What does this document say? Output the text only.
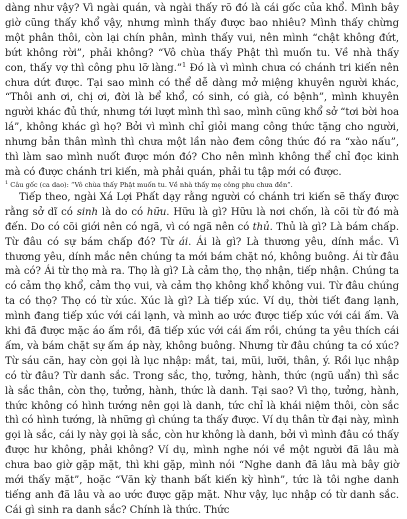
dàng như vậy? Vì ngài quán, và ngài thấy rõ đó là cái gốc của khổ. Mình bây giờ cũng thấy khổ vậy, nhưng mình thấy được bao nhiêu? Mình thấy chừng một phân thôi, còn lại chín phân, mình thấy vui, nên mình “chật không đứt, bứt không rời”, phải không? “Vô chùa thấy Phật thì muốn tu. Về nhà thấy con, thấy vợ thì công phu lỡ làng.”$^1$ Đó là vì mình chưa có chánh tri kiến nên chưa dứt được. Tại sao mình có thể dễ dàng mở miệng khuyên người khác, “Thôi anh ơi, chị ơi, đời là bể khổ, có sinh, có già, có bệnh”, mình khuyên người khác đủ thứ, nhưng tới lượt mình thì sao, mình cũng khổ sở “tơi bời hoa lá”, không khác gì họ? Bởi vì mình chỉ giỏi mang công thức tặng cho người, nhưng bản thân mình thì chưa một lần nào đem công thức đó ra “xào nấu”, thì làm sao mình nuốt được món đó? Cho nên mình không thể chỉ đọc kinh mà có được chánh tri kiến, mà phải quán, phải tu tập mới có được.

$^1$ Câu gốc (ca dao): “Vô chùa thấy Phật muốn tu. Về nhà thấy mẹ công phu chưa đền”.

Tiếp theo, ngài Xá Lợi Phất dạy rằng người có chánh tri kiến sẽ thấy được rằng sở dĩ có sinh là do có hữu. Hữu là gì? Hữu là nơi chốn, là cõi từ đó mà đến. Do có cõi giới nên có ngã, vì có ngã nên có thủ. Thủ là gì? Là bám chấp. Từ đâu có sự bám chấp đó? Từ ái. Ái là gì? Là thương yêu, dính mắc. Vì thương yêu, dính mắc nên chúng ta mới bám chặt nó, không buông. Ái từ đâu mà có? Ái từ thọ mà ra. Thọ là gì? Là cảm thọ, thọ nhận, tiếp nhận. Chúng ta có cảm thọ khổ, cảm thọ vui, và cảm thọ không khổ không vui. Từ đâu chúng ta có thọ? Thọ có từ xúc. Xúc là gì? Là tiếp xúc. Ví dụ, thời tiết đang lạnh, mình đang tiếp xúc với cái lạnh, và mình ao ước được tiếp xúc với cái ấm. Và khi đã được mặc áo ấm rồi, đã tiếp xúc với cái ấm rồi, chúng ta yêu thích cái ấm, và bám chặt sự ấm áp này, không buông. Nhưng từ đâu chúng ta có xúc? Từ sáu căn, hay còn gọi là lục nhập: mắt, tai, mũi, lưỡi, thân, ý. Rồi lục nhập có từ đâu? Từ danh sắc. Trong sắc, thọ, tưởng, hành, thức (ngũ uẩn) thì sắc là sắc thân, còn thọ, tưởng, hành, thức là danh. Tại sao? Vì thọ, tưởng, hành, thức không có hình tướng nên gọi là danh, tức chỉ là khái niệm thôi, còn sắc thì có hình tướng, là những gì chúng ta thấy được. Ví dụ thân từ đại này, mình gọi là sắc, cái ly này gọi là sắc, còn hư không là danh, bởi vì mình đâu có thấy được hư không, phải không? Ví dụ, mình nghe nói về một người đã lâu mà chưa bao giờ gặp mặt, thì khi gặp, mình nói “Nghe danh đã lâu mà bây giờ mới thấy mặt”, hoặc “Văn kỳ thanh bất kiến kỳ hình”, tức là tôi nghe danh tiếng anh đã lâu và ao ước được gặp mặt. Như vậy, lục nhập có từ danh sắc. Cái gì sinh ra danh sắc? Chính là thức. Thức
